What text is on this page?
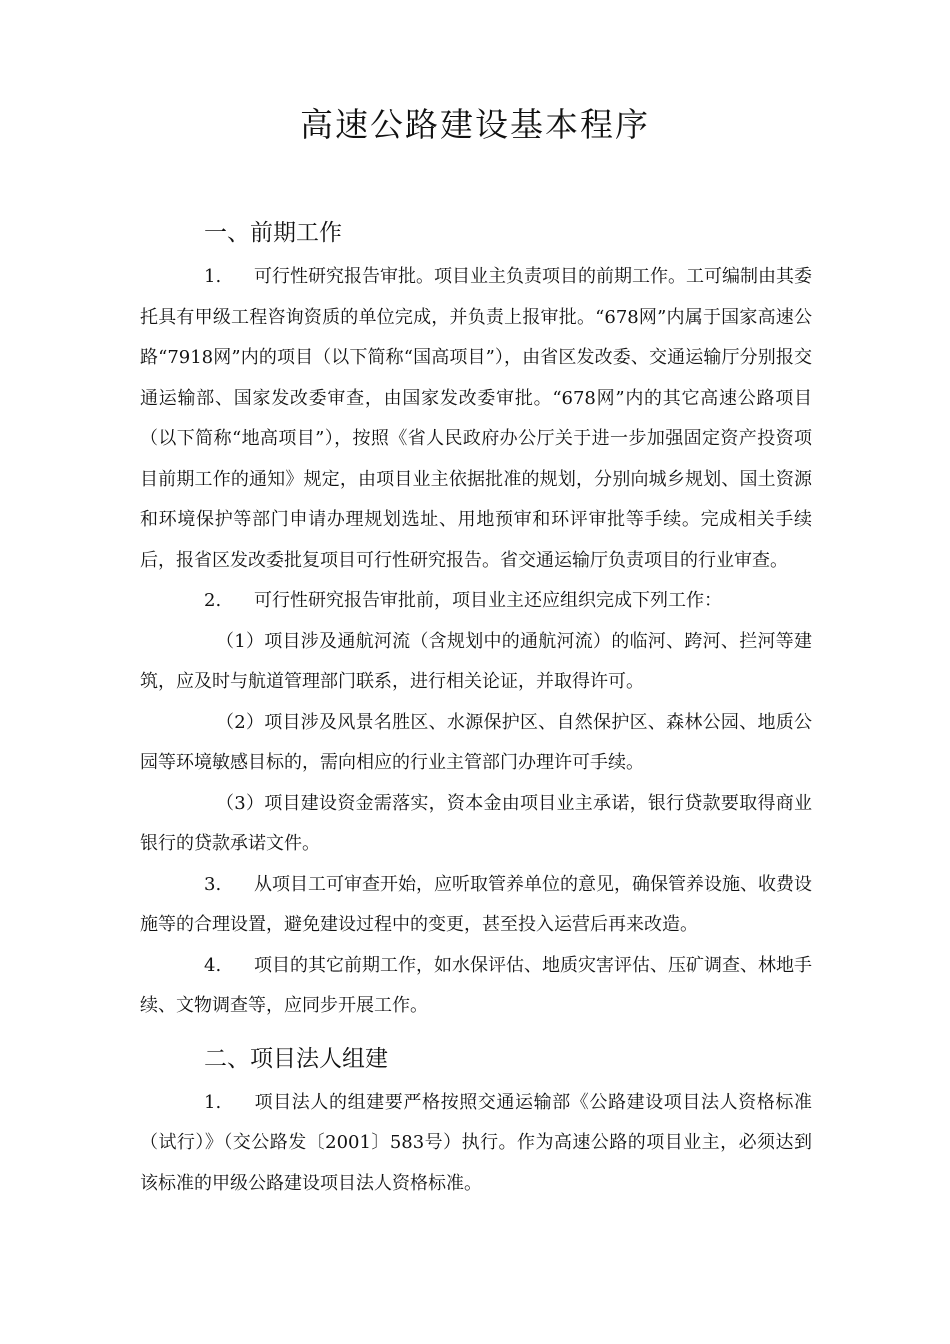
高速公路建设基本程序
一、前期工作

1. 可行性研究报告审批。项目业主负责项目的前期工作。工可编制由其委托具有甲级工程咨询资质的单位完成，并负责上报审批。“678网”内属于国家高速公路“7918网”内的项目（以下简称“国高项目”），由省区发改委、交通运输厅分别报交通运输部、国家发改委审查，由国家发改委审批。“678网”内的其它高速公路项目（以下简称“地高项目”），按照《省人民政府办公厅关于进一步加强固定资产投资项目前期工作的通知》规定，由项目业主依据批准的规划，分别向城乡规划、国土资源和环境保护等部门申请办理规划选址、用地预审和环评审批等手续。完成相关手续后，报省区发改委批复项目可行性研究报告。省交通运输厅负责项目的行业审查。

2. 可行性研究报告审批前，项目业主还应组织完成下列工作：

（1）项目涉及通航河流（含规划中的通航河流）的临河、跨河、拦河等建筑，应及时与航道管理部门联系，进行相关论证，并取得许可。

（2）项目涉及风景名胜区、水源保护区、自然保护区、森林公园、地质公园等环境敏感目标的，需向相应的行业主管部门办理许可手续。

（3）项目建设资金需落实，资本金由项目业主承诺，银行贷款要取得商业银行的贷款承诺文件。

3. 从项目工可审查开始，应听取管养单位的意见，确保管养设施、收费设施等的合理设置，避免建设过程中的变更，甚至投入运营后再来改造。

4. 项目的其它前期工作，如水保评估、地质灾害评估、压矿调查、林地手续、文物调查等，应同步开展工作。

二、项目法人组建

1. 项目法人的组建要严格按照交通运输部《公路建设项目法人资格标准（试行）》（交公路发〔2001〕583号）执行。作为高速公路的项目业主，必须达到该标准的甲级公路建设项目法人资格标准。
